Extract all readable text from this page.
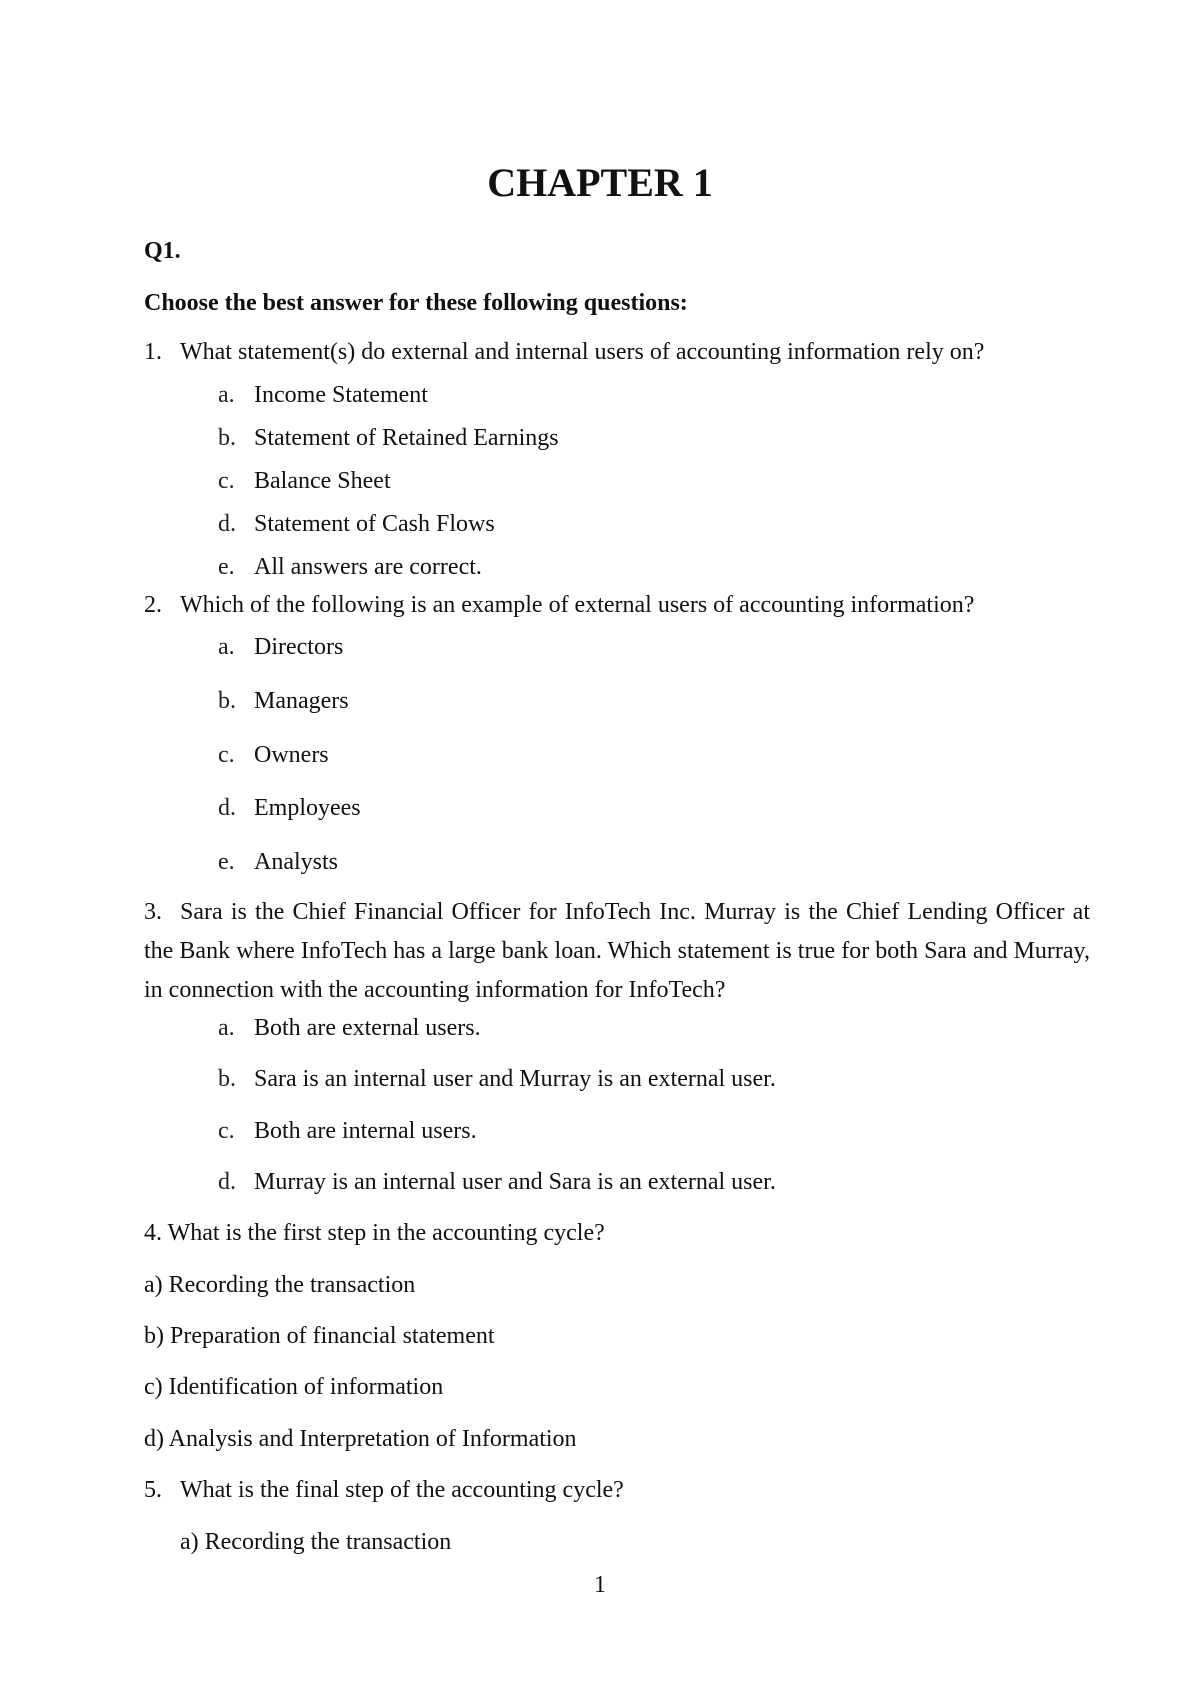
CHAPTER 1
Q1.
Choose the best answer for these following questions:
1. What statement(s) do external and internal users of accounting information rely on?
a. Income Statement
b. Statement of Retained Earnings
c. Balance Sheet
d. Statement of Cash Flows
e. All answers are correct.
2. Which of the following is an example of external users of accounting information?
a. Directors
b. Managers
c. Owners
d. Employees
e. Analysts
3. Sara is the Chief Financial Officer for InfoTech Inc. Murray is the Chief Lending Officer at the Bank where InfoTech has a large bank loan. Which statement is true for both Sara and Murray, in connection with the accounting information for InfoTech?
a. Both are external users.
b. Sara is an internal user and Murray is an external user.
c. Both are internal users.
d. Murray is an internal user and Sara is an external user.
4. What is the first step in the accounting cycle?
a) Recording the transaction
b) Preparation of financial statement
c) Identification of information
d) Analysis and Interpretation of Information
5. What is the final step of the accounting cycle?
a) Recording the transaction
1
